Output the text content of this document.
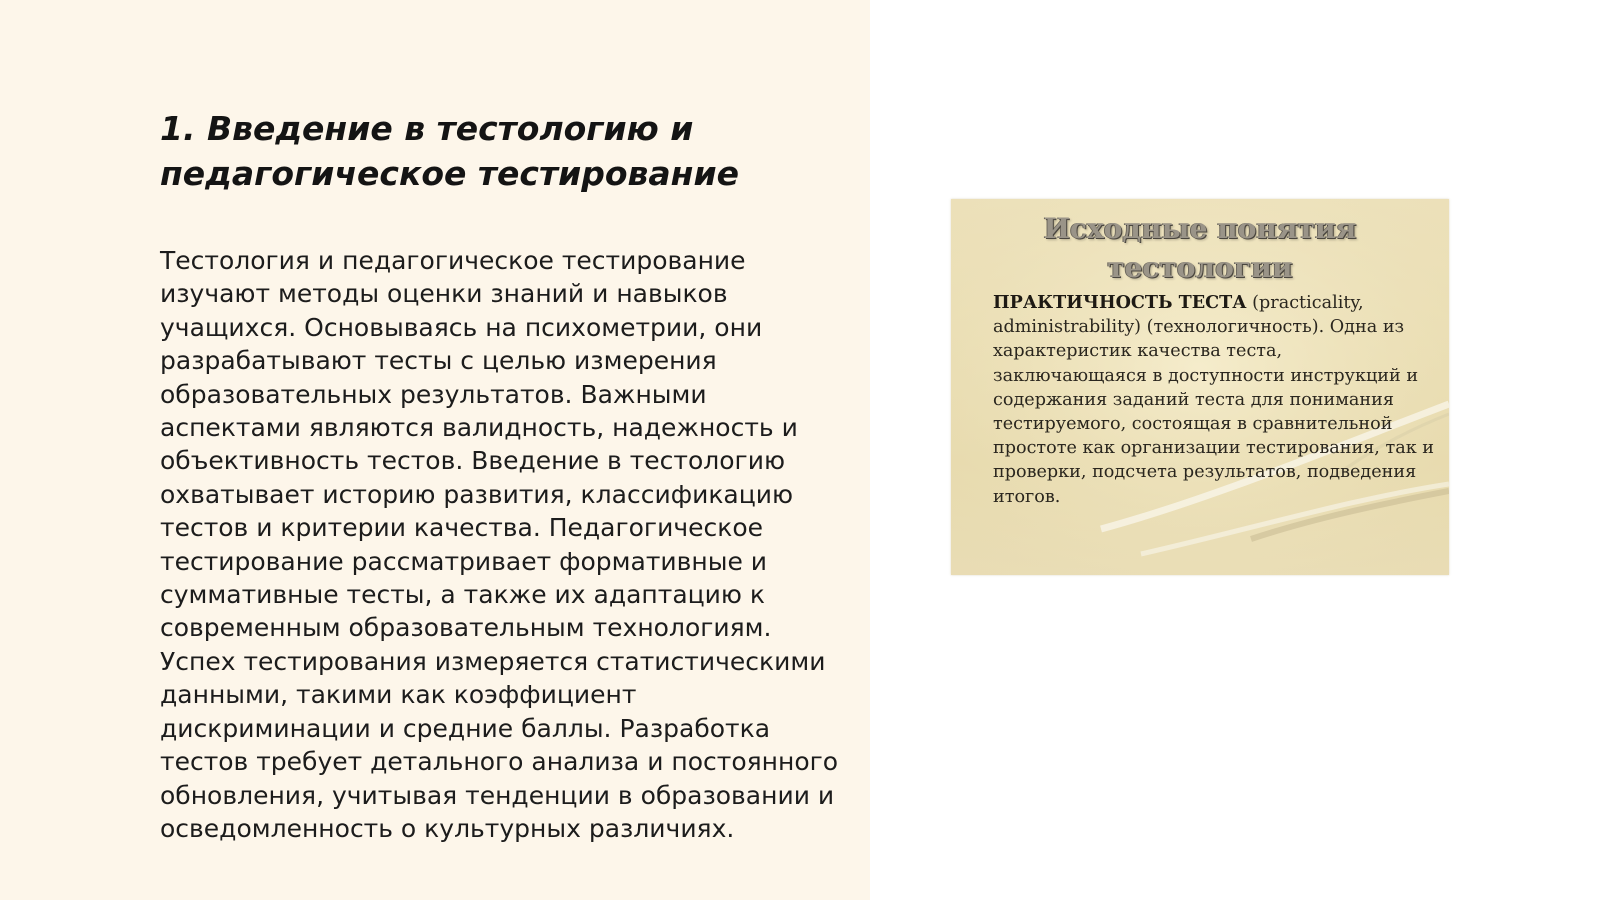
1. Введение в тестологию и педагогическое тестирование

Тестология и педагогическое тестирование изучают методы оценки знаний и навыков учащихся. Основываясь на психометрии, они разрабатывают тесты с целью измерения образовательных результатов. Важными аспектами являются валидность, надежность и объективность тестов. Введение в тестологию охватывает историю развития, классификацию тестов и критерии качества. Педагогическое тестирование рассматривает формативные и суммативные тесты, а также их адаптацию к современным образовательным технологиям. Успех тестирования измеряется статистическими данными, такими как коэффициент дискриминации и средние баллы. Разработка тестов требует детального анализа и постоянного обновления, учитывая тенденции в образовании и осведомленность о культурных различиях.

Исходные понятия тестологии

ПРАКТИЧНОСТЬ ТЕСТА (practicality, administrability) (технологичность). Одна из характеристик качества теста, заключающаяся в доступности инструкций и содержания заданий теста для понимания тестируемого, состоящая в сравнительной простоте как организации тестирования, так и проверки, подсчета результатов, подведения итогов.
